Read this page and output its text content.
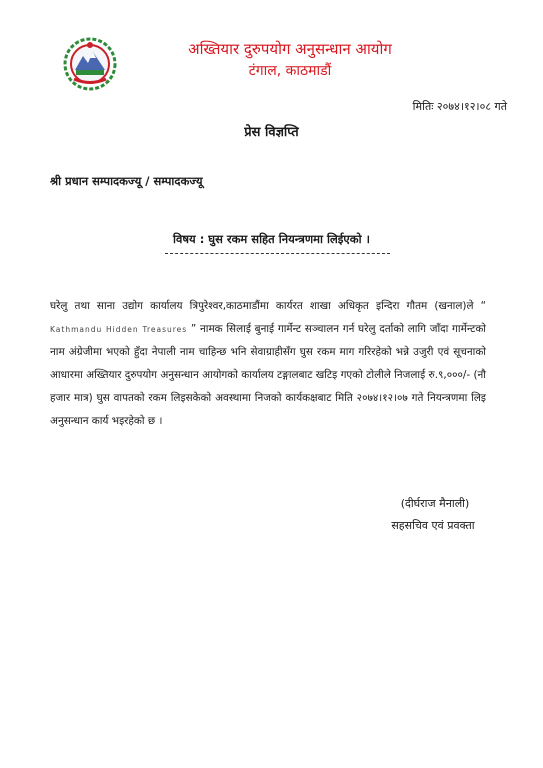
अख्तियार दुरुपयोग अनुसन्धान आयोग
टंगाल, काठमाडौं
मितिः २०७४।१२।०८ गते
प्रेस विज्ञप्ति
श्री प्रधान सम्पादकज्यू / सम्पादकज्यू
विषय : घुस रकम सहित नियन्त्रणमा लिईएको ।

घरेलु तथा साना उद्योग कार्यालय त्रिपुरेश्वर,काठमाडौंमा कार्यरत शाखा अधिकृत इन्दिरा गौतम (खनाल)ले “ Kathmandu Hidden Treasures ” नामक सिलाई बुनाई गार्मेन्ट सञ्चालन गर्न घरेलु दर्ताको लागि जाँदा गार्मेन्टको नाम अंग्रेजीमा भएको हुँदा नेपाली नाम चाहिन्छ भनि सेवाग्राहीसँग घुस रकम माग गरिरहेको भन्ने उजुरी एवं सूचनाको आधारमा अख्तियार दुरुपयोग अनुसन्धान आयोगको कार्यालय टङ्गालबाट खटिइ गएको टोलीले निजलाई रु.९,०००/- (नौ हजार मात्र) घुस वापतको रकम लिइसकेको अवस्थामा निजको कार्यकक्षबाट मिति २०७४।१२।०७ गते नियन्त्रणमा लिइ अनुसन्धान कार्य भइरहेको छ ।

(दीर्घराज मैनाली)
सहसचिव एवं प्रवक्ता
